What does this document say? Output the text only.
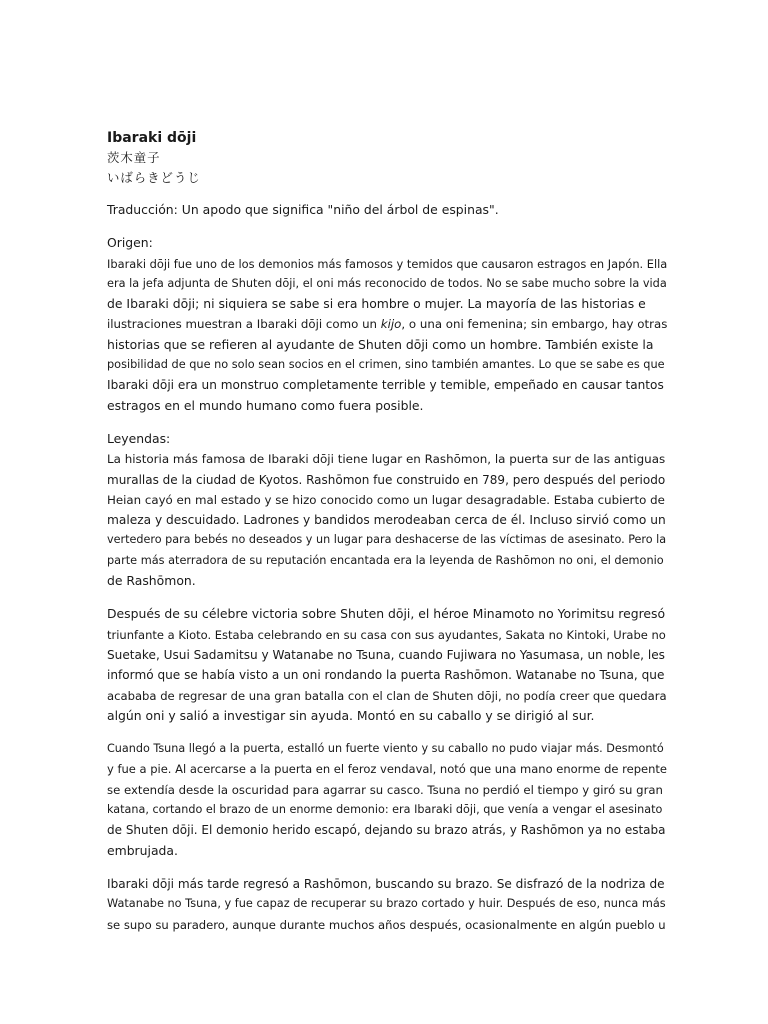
Ibaraki dōji
茨木童子
いばらきどうじ

Traducción: Un apodo que significa "niño del árbol de espinas".

Origen:
Ibaraki dōji fue uno de los demonios más famosos y temidos que causaron estragos en Japón. Ella
era la jefa adjunta de Shuten dōji, el oni más reconocido de todos. No se sabe mucho sobre la vida
de Ibaraki dōji; ni siquiera se sabe si era hombre o mujer. La mayoría de las historias e
ilustraciones muestran a Ibaraki dōji como un kijo, o una oni femenina; sin embargo, hay otras
historias que se refieren al ayudante de Shuten dōji como un hombre. También existe la
posibilidad de que no solo sean socios en el crimen, sino también amantes. Lo que se sabe es que
Ibaraki dōji era un monstruo completamente terrible y temible, empeñado en causar tantos
estragos en el mundo humano como fuera posible.
Leyendas:
La historia más famosa de Ibaraki dōji tiene lugar en Rashōmon, la puerta sur de las antiguas
murallas de la ciudad de Kyotos. Rashōmon fue construido en 789, pero después del periodo
Heian cayó en mal estado y se hizo conocido como un lugar desagradable. Estaba cubierto de
maleza y descuidado. Ladrones y bandidos merodeaban cerca de él. Incluso sirvió como un
vertedero para bebés no deseados y un lugar para deshacerse de las víctimas de asesinato. Pero la
parte más aterradora de su reputación encantada era la leyenda de Rashōmon no oni, el demonio
de Rashōmon.
Después de su célebre victoria sobre Shuten dōji, el héroe Minamoto no Yorimitsu regresó
triunfante a Kioto. Estaba celebrando en su casa con sus ayudantes, Sakata no Kintoki, Urabe no
Suetake, Usui Sadamitsu y Watanabe no Tsuna, cuando Fujiwara no Yasumasa, un noble, les
informó que se había visto a un oni rondando la puerta Rashōmon. Watanabe no Tsuna, que
acababa de regresar de una gran batalla con el clan de Shuten dōji, no podía creer que quedara
algún oni y salió a investigar sin ayuda. Montó en su caballo y se dirigió al sur.
Cuando Tsuna llegó a la puerta, estalló un fuerte viento y su caballo no pudo viajar más. Desmontó
y fue a pie. Al acercarse a la puerta en el feroz vendaval, notó que una mano enorme de repente
se extendía desde la oscuridad para agarrar su casco. Tsuna no perdió el tiempo y giró su gran
katana, cortando el brazo de un enorme demonio: era Ibaraki dōji, que venía a vengar el asesinato
de Shuten dōji. El demonio herido escapó, dejando su brazo atrás, y Rashōmon ya no estaba
embrujada.
Ibaraki dōji más tarde regresó a Rashōmon, buscando su brazo. Se disfrazó de la nodriza de
Watanabe no Tsuna, y fue capaz de recuperar su brazo cortado y huir. Después de eso, nunca más
se supo su paradero, aunque durante muchos años después, ocasionalmente en algún pueblo u
